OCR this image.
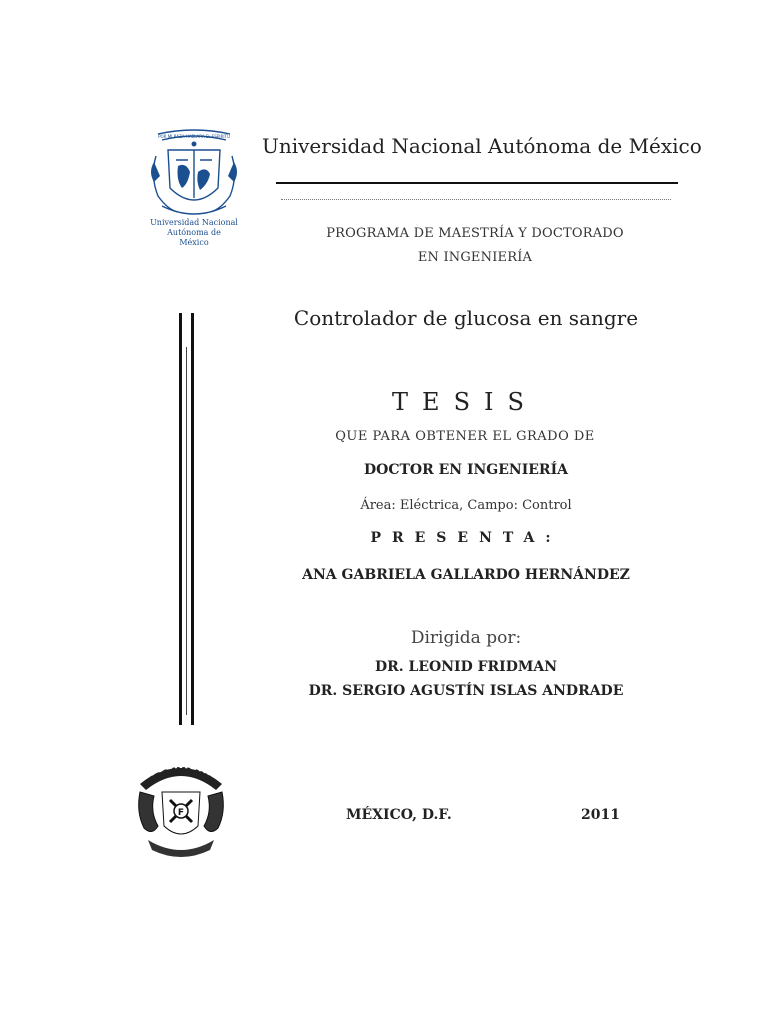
POR MI RAZA HABLARA EL ESPIRITU
Universidad Nacional
Autónoma de
México
Universidad Nacional Autónoma de México
PROGRAMA DE MAESTRÍA Y DOCTORADO
EN INGENIERÍA
Controlador de glucosa en sangre
TESIS
QUE PARA OBTENER EL GRADO DE
DOCTOR EN INGENIERÍA
Área: Eléctrica, Campo: Control
PRESENTA:
ANA GABRIELA GALLARDO HERNÁNDEZ
Dirigida por:
DR. LEONID FRIDMAN
DR. SERGIO AGUSTÍN ISLAS ANDRADE
INGENIERIA
F	MÉXICO, D.F.	2011
